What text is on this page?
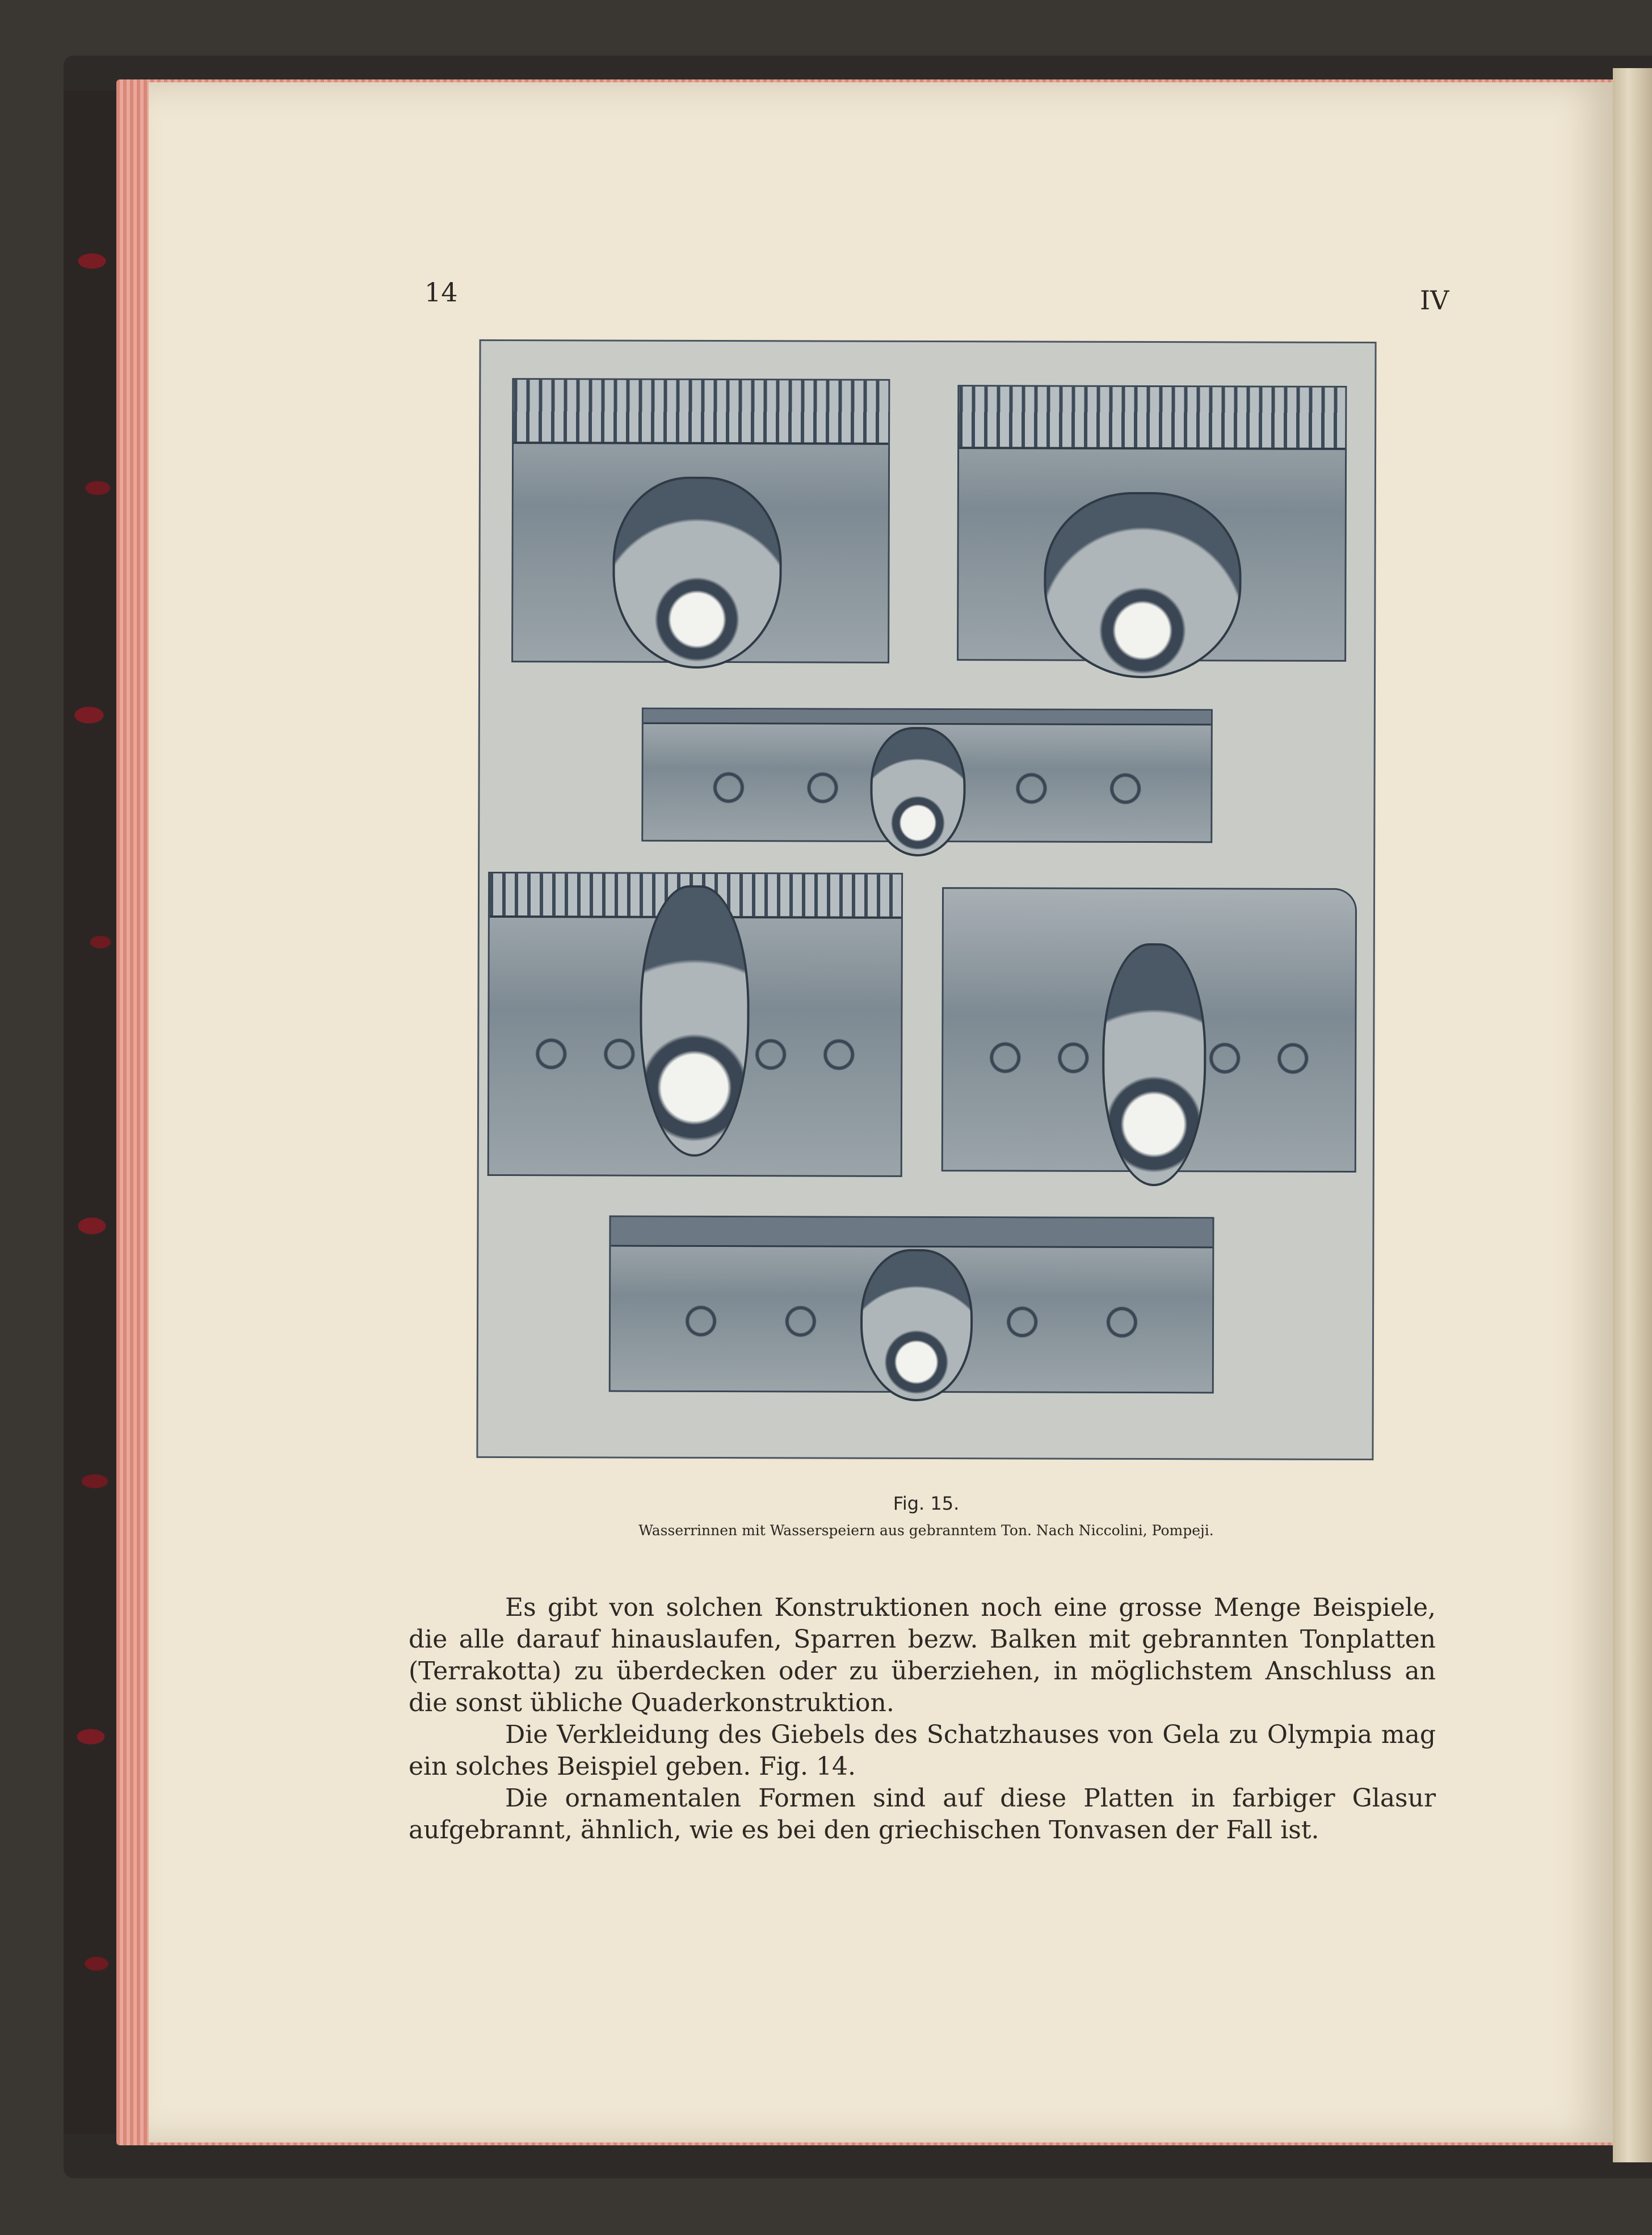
14	IV
Fig. 15.
Wasserrinnen mit Wasserspeiern aus gebranntem Ton. Nach Niccolini, Pompeji.

Es gibt von solchen Konstruktionen noch eine grosse Menge Beispiele, die alle darauf hinauslaufen, Sparren bezw. Balken mit gebrannten Tonplatten (Terrakotta) zu überdecken oder zu überziehen, in möglichstem Anschluss an die sonst übliche Quaderkonstruktion.

Die Verkleidung des Giebels des Schatzhauses von Gela zu Olympia mag ein solches Beispiel geben. Fig. 14.

Die ornamentalen Formen sind auf diese Platten in farbiger Glasur aufgebrannt, ähnlich, wie es bei den griechischen Tonvasen der Fall ist.
